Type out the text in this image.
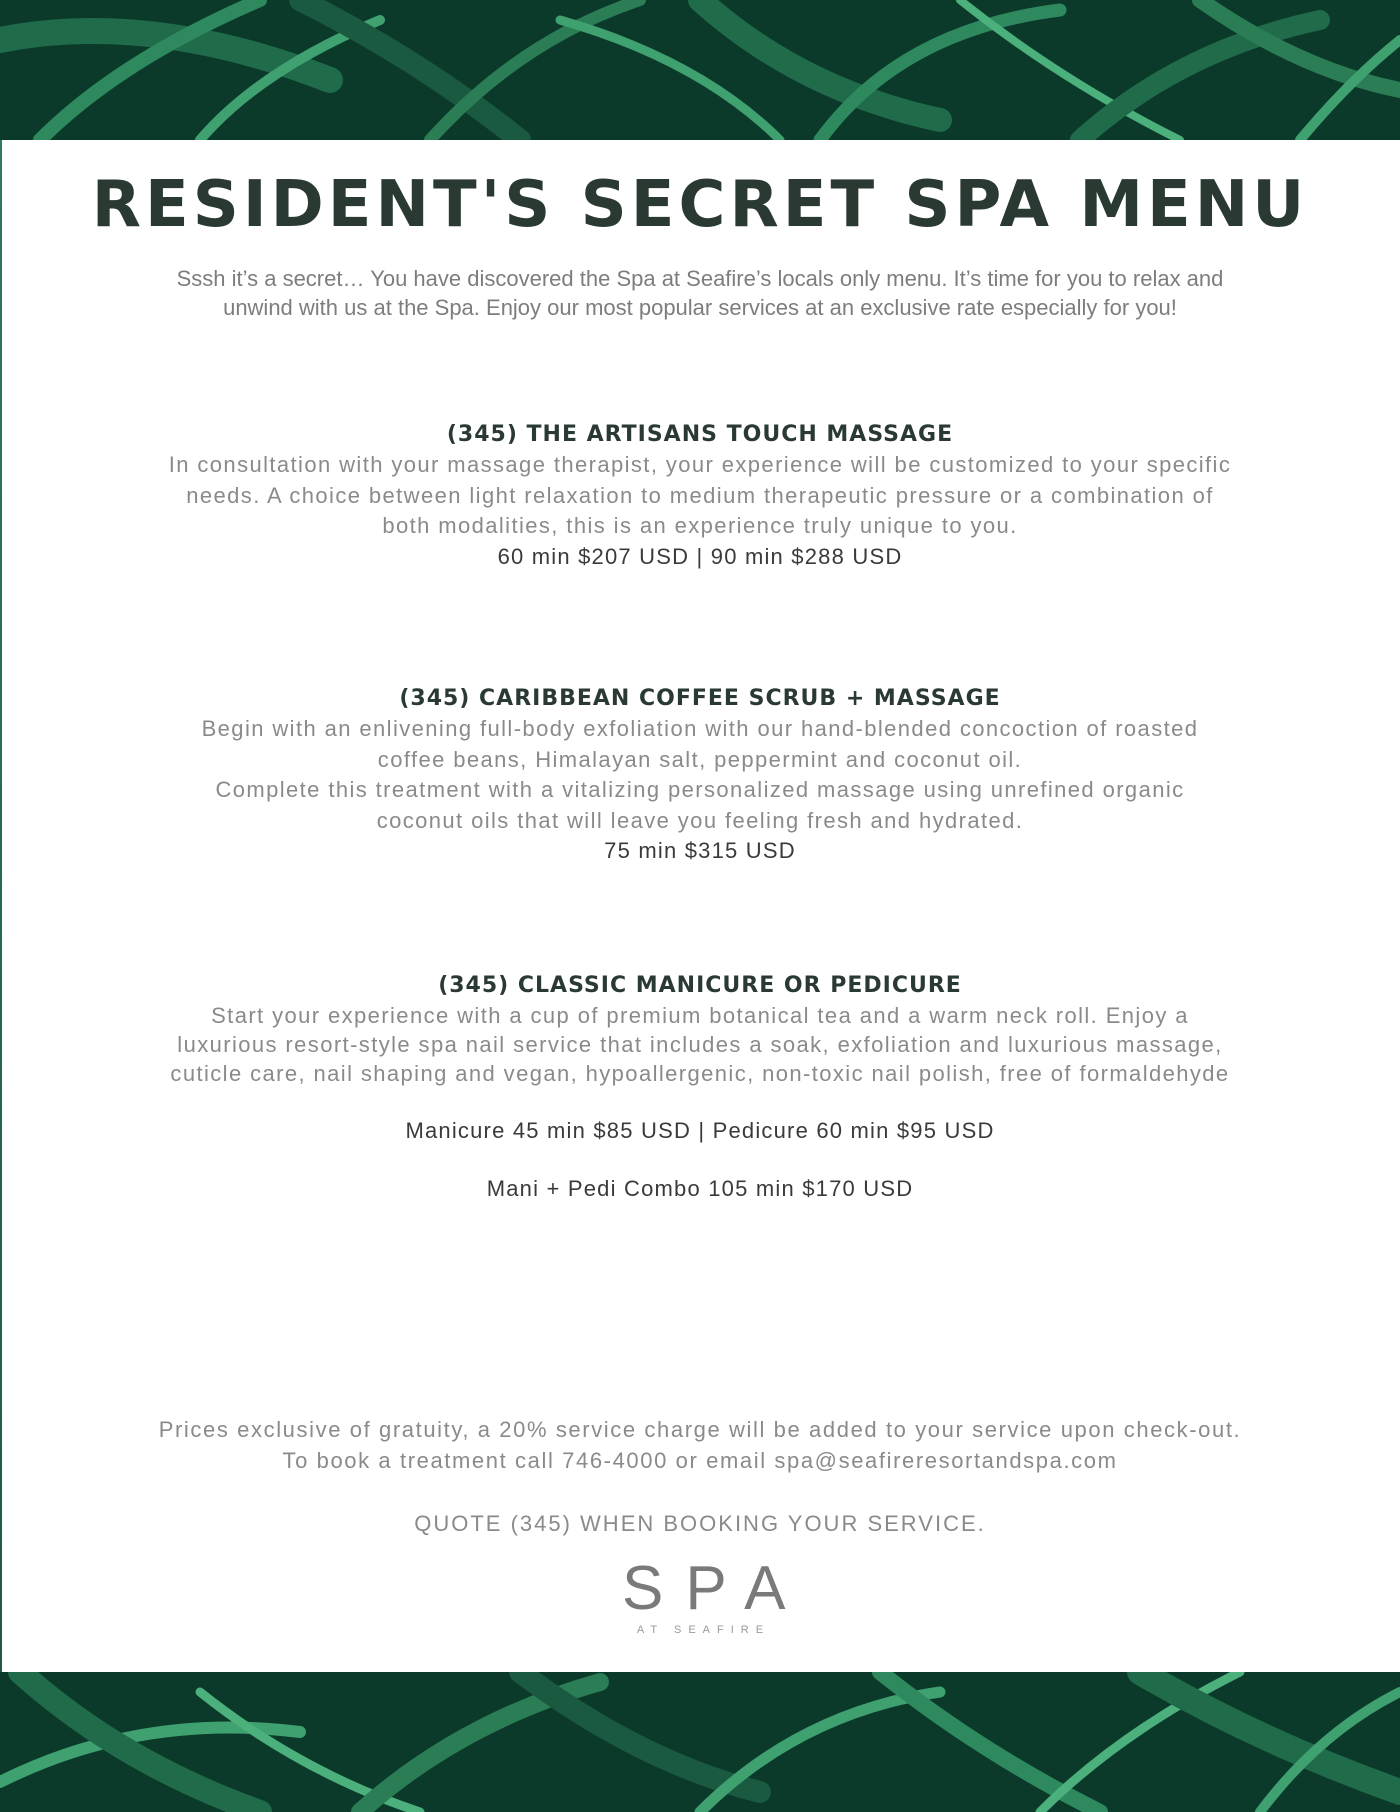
RESIDENT'S SECRET SPA MENU

Sssh it’s a secret… You have discovered the Spa at Seafire’s locals only menu. It’s time for you to relax and
unwind with us at the Spa. Enjoy our most popular services at an exclusive rate especially for you!

(345) THE ARTISANS TOUCH MASSAGE

In consultation with your massage therapist, your experience will be customized to your specific

needs. A choice between light relaxation to medium therapeutic pressure or a combination of

both modalities, this is an experience truly unique to you.

60 min $207 USD | 90 min $288 USD

(345) CARIBBEAN COFFEE SCRUB + MASSAGE

Begin with an enlivening full-body exfoliation with our hand-blended concoction of roasted

coffee beans, Himalayan salt, peppermint and coconut oil.

Complete this treatment with a vitalizing personalized massage using unrefined organic

coconut oils that will leave you feeling fresh and hydrated.

75 min $315 USD

(345) CLASSIC MANICURE OR PEDICURE

Start your experience with a cup of premium botanical tea and a warm neck roll. Enjoy a

luxurious resort-style spa nail service that includes a soak, exfoliation and luxurious massage,

cuticle care, nail shaping and vegan, hypoallergenic, non-toxic nail polish, free of formaldehyde

Manicure 45 min $85 USD | Pedicure 60 min $95 USD

Mani + Pedi Combo 105 min $170 USD

Prices exclusive of gratuity, a 20% service charge will be added to your service upon check-out.
To book a treatment call 746-4000 or email spa@seafireresortandspa.com

QUOTE (345) WHEN BOOKING YOUR SERVICE.

SPA
AT SEAFIRE
